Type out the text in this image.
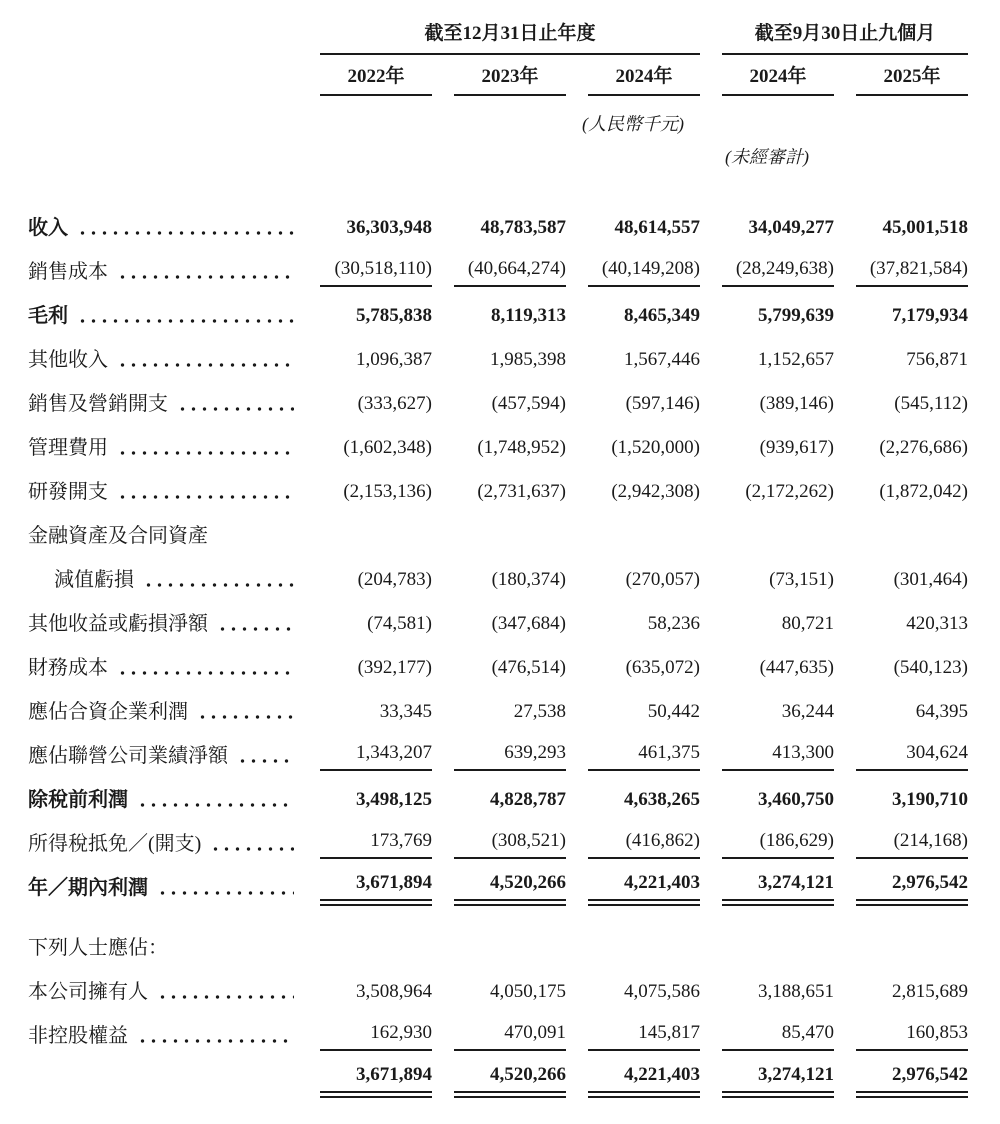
截至12月31日止年度	截至9月30日止九個月
2022年	2023年	2024年	2024年	2025年
(人民幣千元)
(未經審計)
收入	36,303,948	48,783,587	48,614,557	34,049,277	45,001,518
銷售成本	(30,518,110) (40,664,274) (40,149,208) (28,249,638) (37,821,584)
毛利	5,785,838	8,119,313	8,465,349	5,799,639	7,179,934
其他收入	1,096,387	1,985,398	1,567,446	1,152,657	756,871
銷售及營銷開支	(333,627)	(457,594)	(597,146)	(389,146)	(545,112)
管理費用	(1,602,348) (1,748,952) (1,520,000)	(939,617) (2,276,686)
研發開支	(2,153,136) (2,731,637) (2,942,308) (2,172,262) (1,872,042)
金融資產及合同資產
減值虧損	(204,783)	(180,374)	(270,057)	(73,151)	(301,464)
其他收益或虧損淨額	(74,581)	(347,684)	58,236	80,721	420,313
財務成本	(392,177)	(476,514)	(635,072)	(447,635)	(540,123)
應佔合資企業利潤	33,345	27,538	50,442	36,244	64,395
應佔聯營公司業績淨額	1,343,207	639,293	461,375	413,300	304,624
除稅前利潤	3,498,125	4,828,787	4,638,265	3,460,750	3,190,710
所得稅抵免／(開支)	173,769	(308,521)	(416,862)	(186,629)	(214,168)
年／期內利潤	3,671,894	4,520,266	4,221,403	3,274,121	2,976,542
下列人士應佔：
本公司擁有人	3,508,964	4,050,175	4,075,586	3,188,651	2,815,689
非控股權益	162,930	470,091	145,817	85,470	160,853
3,671,894	4,520,266	4,221,403	3,274,121	2,976,542
